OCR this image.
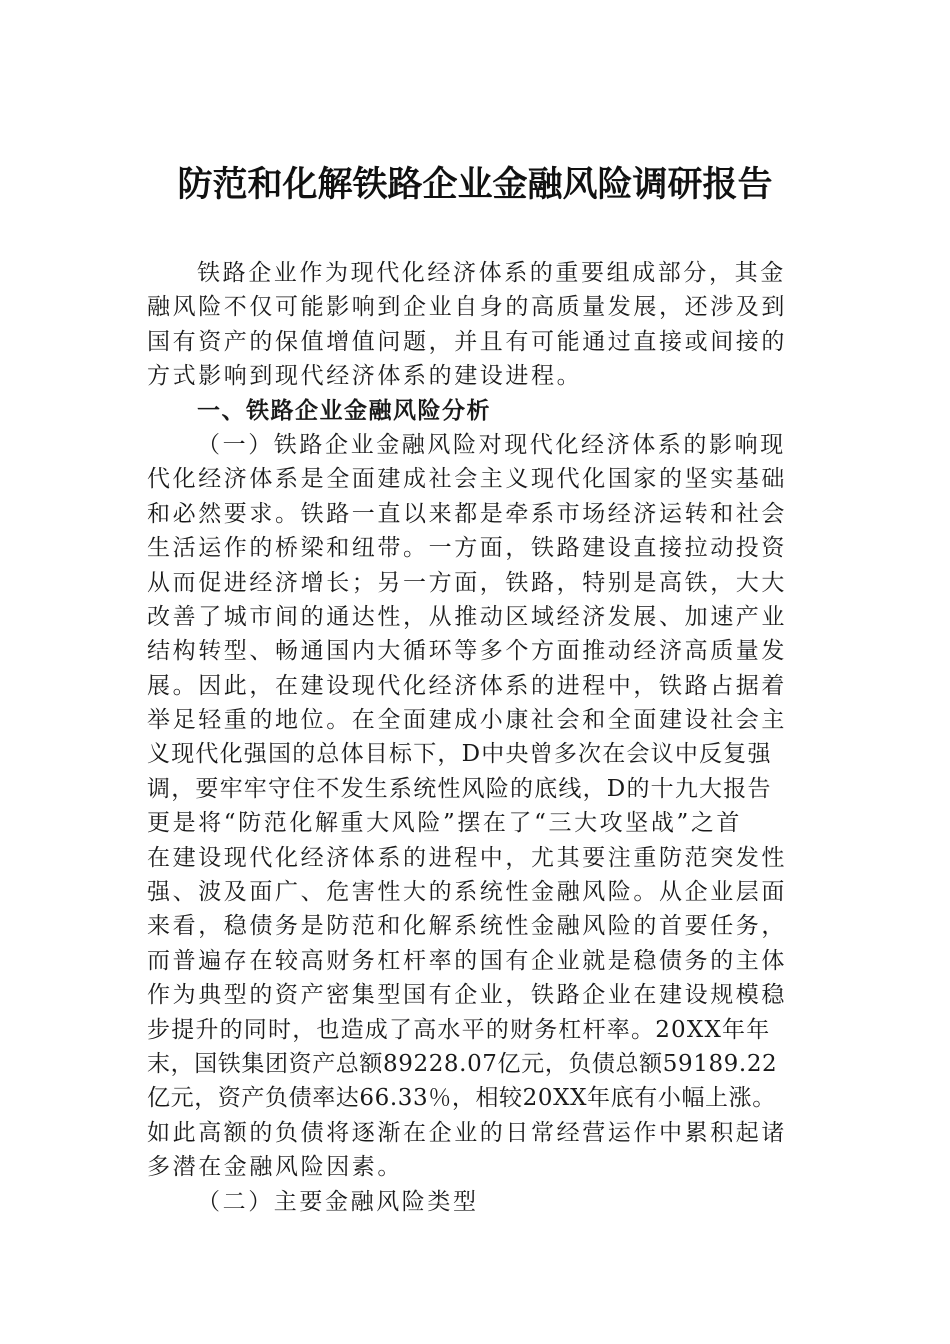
防范和化解铁路企业金融风险调研报告
铁路企业作为现代化经济体系的重要组成部分，其金
融风险不仅可能影响到企业自身的高质量发展，还涉及到
国有资产的保值增值问题，并且有可能通过直接或间接的
方式影响到现代经济体系的建设进程。
一、铁路企业金融风险分析
（一）铁路企业金融风险对现代化经济体系的影响现
代化经济体系是全面建成社会主义现代化国家的坚实基础
和必然要求。铁路一直以来都是牵系市场经济运转和社会
生活运作的桥梁和纽带。一方面，铁路建设直接拉动投资
从而促进经济增长；另一方面，铁路，特别是高铁，大大
改善了城市间的通达性，从推动区域经济发展、加速产业
结构转型、畅通国内大循环等多个方面推动经济高质量发
展。因此，在建设现代化经济体系的进程中，铁路占据着
举足轻重的地位。在全面建成小康社会和全面建设社会主
义现代化强国的总体目标下，D中央曾多次在会议中反复强
调，要牢牢守住不发生系统性风险的底线，D的十九大报告
更是将“防范化解重大风险”摆在了“三大攻坚战”之首
在建设现代化经济体系的进程中，尤其要注重防范突发性
强、波及面广、危害性大的系统性金融风险。从企业层面
来看，稳债务是防范和化解系统性金融风险的首要任务，
而普遍存在较高财务杠杆率的国有企业就是稳债务的主体
作为典型的资产密集型国有企业，铁路企业在建设规模稳
步提升的同时，也造成了高水平的财务杠杆率。20XX年年
末，国铁集团资产总额89228.07亿元，负债总额59189.22
亿元，资产负债率达66.33％，相较20XX年底有小幅上涨。
如此高额的负债将逐渐在企业的日常经营运作中累积起诸
多潜在金融风险因素。
（二）主要金融风险类型
